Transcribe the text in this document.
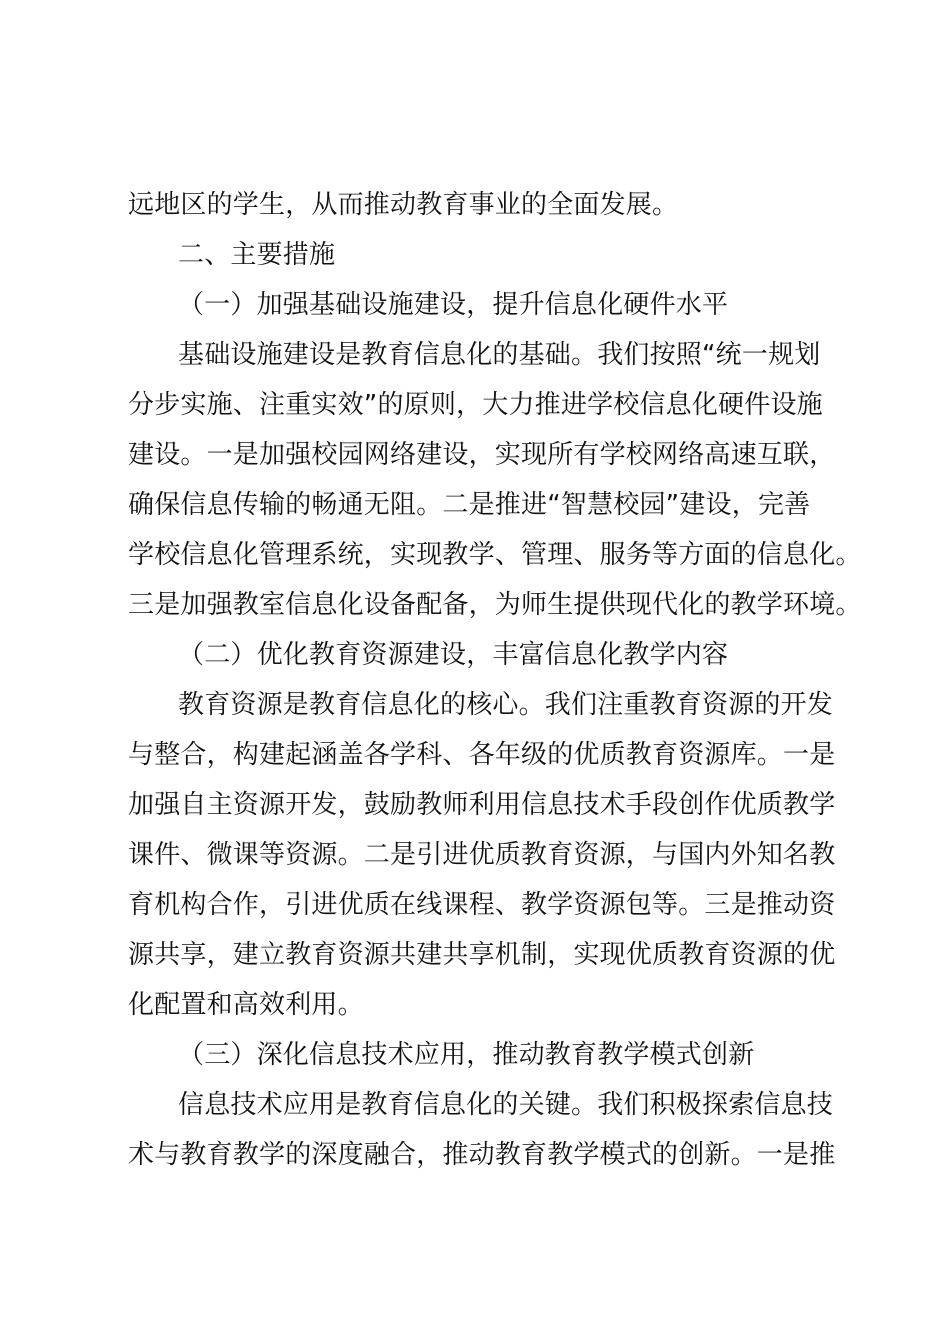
远地区的学生，从而推动教育事业的全面发展。
二、主要措施
（一）加强基础设施建设，提升信息化硬件水平
基础设施建设是教育信息化的基础。我们按照“统一规划
分步实施、注重实效”的原则，大力推进学校信息化硬件设施
建设。一是加强校园网络建设，实现所有学校网络高速互联，
确保信息传输的畅通无阻。二是推进“智慧校园”建设，完善
学校信息化管理系统，实现教学、管理、服务等方面的信息化。
三是加强教室信息化设备配备，为师生提供现代化的教学环境。
（二）优化教育资源建设，丰富信息化教学内容
教育资源是教育信息化的核心。我们注重教育资源的开发
与整合，构建起涵盖各学科、各年级的优质教育资源库。一是
加强自主资源开发，鼓励教师利用信息技术手段创作优质教学
课件、微课等资源。二是引进优质教育资源，与国内外知名教
育机构合作，引进优质在线课程、教学资源包等。三是推动资
源共享，建立教育资源共建共享机制，实现优质教育资源的优
化配置和高效利用。
（三）深化信息技术应用，推动教育教学模式创新
信息技术应用是教育信息化的关键。我们积极探索信息技
术与教育教学的深度融合，推动教育教学模式的创新。一是推
